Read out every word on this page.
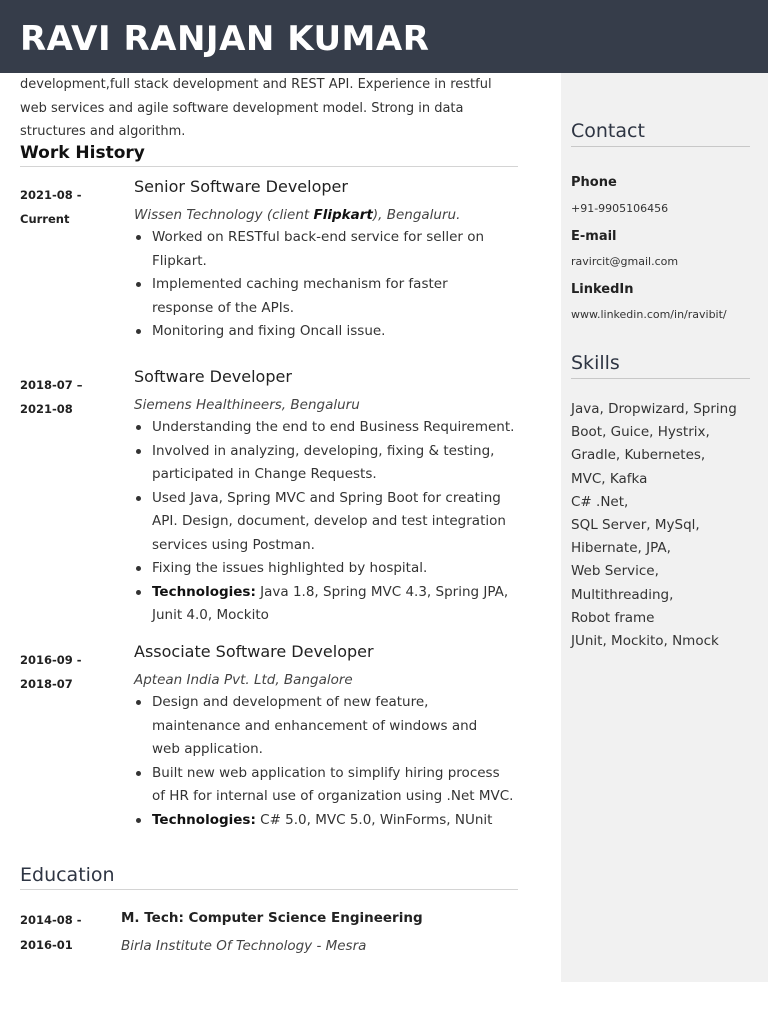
RAVI RANJAN KUMAR
development,full stack development and REST API. Experience in restful
web services and agile software development model. Strong in data
structures and algorithm.
Work History
2021-08 -
Current
Senior Software Developer
Wissen Technology (client Flipkart), Bengaluru.
Worked on RESTful back-end service for seller on
Flipkart.
Implemented caching mechanism for faster
response of the APIs.
Monitoring and fixing Oncall issue.
2018-07 –
2021-08
Software Developer
Siemens Healthineers, Bengaluru
Understanding the end to end Business Requirement.
Involved in analyzing, developing, fixing & testing,
participated in Change Requests.
Used Java, Spring MVC and Spring Boot for creating
API. Design, document, develop and test integration
services using Postman.
Fixing the issues highlighted by hospital.
Technologies: Java 1.8, Spring MVC 4.3, Spring JPA,
Junit 4.0, Mockito
2016-09 -
2018-07
Associate Software Developer
Aptean India Pvt. Ltd, Bangalore
Design and development of new feature,
maintenance and enhancement of windows and
web application.
Built new web application to simplify hiring process
of HR for internal use of organization using .Net MVC.
Technologies: C# 5.0, MVC 5.0, WinForms, NUnit
Education
2014-08 -
2016-01
M. Tech: Computer Science Engineering
Birla Institute Of Technology - Mesra
Contact
Phone
+91-9905106456
E-mail
ravircit@gmail.com
LinkedIn
www.linkedin.com/in/ravibit/
Skills
Java, Dropwizard, Spring
Boot, Guice, Hystrix,
Gradle, Kubernetes,
MVC, Kafka
C# .Net,
SQL Server, MySql,
Hibernate, JPA,
Web Service,
Multithreading,
Robot frame
JUnit, Mockito, Nmock
